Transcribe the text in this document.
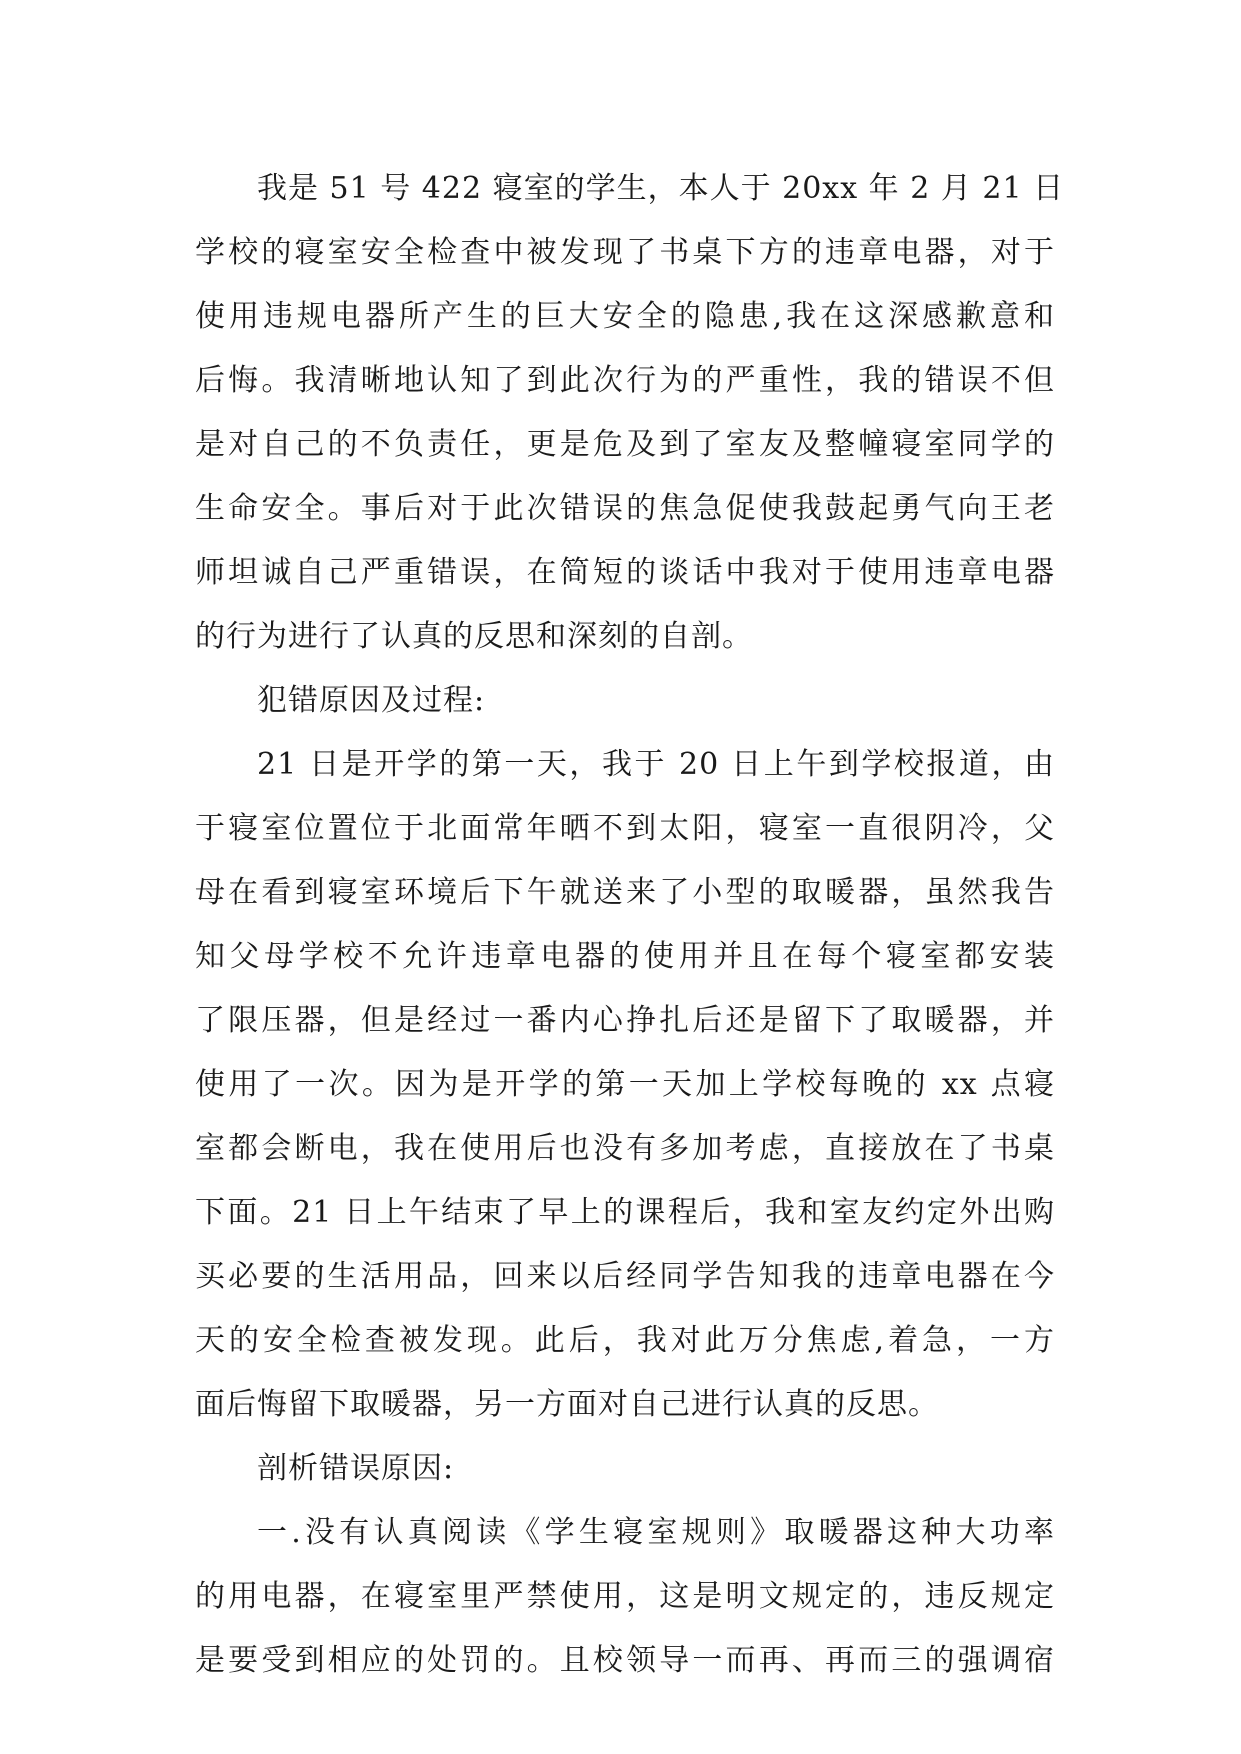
我是 51 号 422 寝室的学生，本人于 20xx 年 2 月 21 日
学校的寝室安全检查中被发现了书桌下方的违章电器，对于
使用违规电器所产生的巨大安全的隐患,我在这深感歉意和
后悔。我清晰地认知了到此次行为的严重性，我的错误不但
是对自己的不负责任，更是危及到了室友及整幢寝室同学的
生命安全。事后对于此次错误的焦急促使我鼓起勇气向王老
师坦诚自己严重错误，在简短的谈话中我对于使用违章电器
的行为进行了认真的反思和深刻的自剖。
犯错原因及过程:
21 日是开学的第一天，我于 20 日上午到学校报道，由
于寝室位置位于北面常年晒不到太阳，寝室一直很阴冷，父
母在看到寝室环境后下午就送来了小型的取暖器，虽然我告
知父母学校不允许违章电器的使用并且在每个寝室都安装
了限压器，但是经过一番内心挣扎后还是留下了取暖器，并
使用了一次。因为是开学的第一天加上学校每晚的 xx 点寝
室都会断电，我在使用后也没有多加考虑，直接放在了书桌
下面。21 日上午结束了早上的课程后，我和室友约定外出购
买必要的生活用品，回来以后经同学告知我的违章电器在今
天的安全检查被发现。此后，我对此万分焦虑,着急，一方
面后悔留下取暖器，另一方面对自己进行认真的反思。
剖析错误原因:
一.没有认真阅读《学生寝室规则》取暖器这种大功率
的用电器，在寝室里严禁使用，这是明文规定的，违反规定
是要受到相应的处罚的。且校领导一而再、再而三的强调宿
